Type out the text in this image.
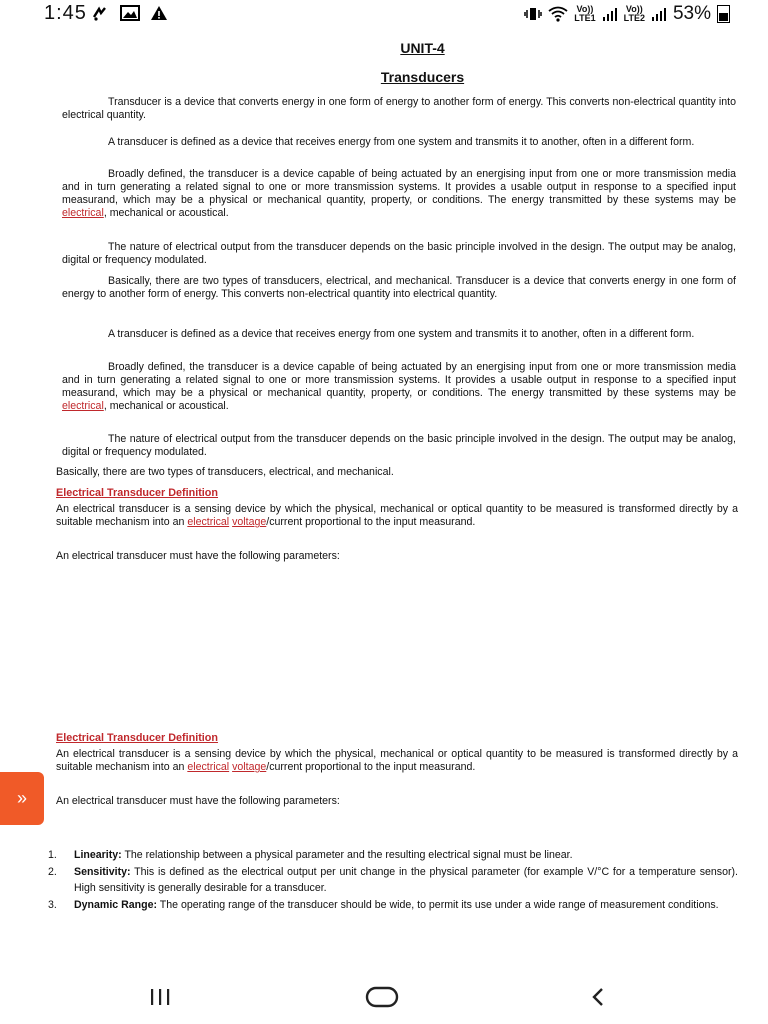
1:45	Vo))
LTE1
Vo))
LTE2 53%
UNIT-4
Transducers

Transducer is a device that converts energy in one form of energy to another form of energy. This converts non-electrical quantity into electrical quantity.

A transducer is defined as a device that receives energy from one system and transmits it to another, often in a different form.

Broadly defined, the transducer is a device capable of being actuated by an energising input from one or more transmission media and in turn generating a related signal to one or more transmission systems. It provides a usable output in response to a specified input measurand, which may be a physical or mechanical quantity, property, or conditions. The energy transmitted by these systems may be electrical, mechanical or acoustical.

The nature of electrical output from the transducer depends on the basic principle involved in the design. The output may be analog, digital or frequency modulated.

Basically, there are two types of transducers, electrical, and mechanical. Transducer is a device that converts energy in one form of energy to another form of energy. This converts non-electrical quantity into electrical quantity.

A transducer is defined as a device that receives energy from one system and transmits it to another, often in a different form.

Broadly defined, the transducer is a device capable of being actuated by an energising input from one or more transmission media and in turn generating a related signal to one or more transmission systems. It provides a usable output in response to a specified input measurand, which may be a physical or mechanical quantity, property, or conditions. The energy transmitted by these systems may be electrical, mechanical or acoustical.

The nature of electrical output from the transducer depends on the basic principle involved in the design. The output may be analog, digital or frequency modulated.

Basically, there are two types of transducers, electrical, and mechanical.

Electrical Transducer Definition

An electrical transducer is a sensing device by which the physical, mechanical or optical quantity to be measured is transformed directly by a suitable mechanism into an electrical voltage/current proportional to the input measurand.

An electrical transducer must have the following parameters:

Electrical Transducer Definition

An electrical transducer is a sensing device by which the physical, mechanical or optical quantity to be measured is transformed directly by a suitable mechanism into an electrical voltage/current proportional to the input measurand.

An electrical transducer must have the following parameters:

1.	Linearity: The relationship between a physical parameter and the resulting electrical signal must be linear.
2.	Sensitivity: This is defined as the electrical output per unit change in the physical parameter (for example V/°C for a temperature sensor). High sensitivity is generally desirable for a transducer.
3.	Dynamic Range: The operating range of the transducer should be wide, to permit its use under a wide range of measurement conditions.
»
